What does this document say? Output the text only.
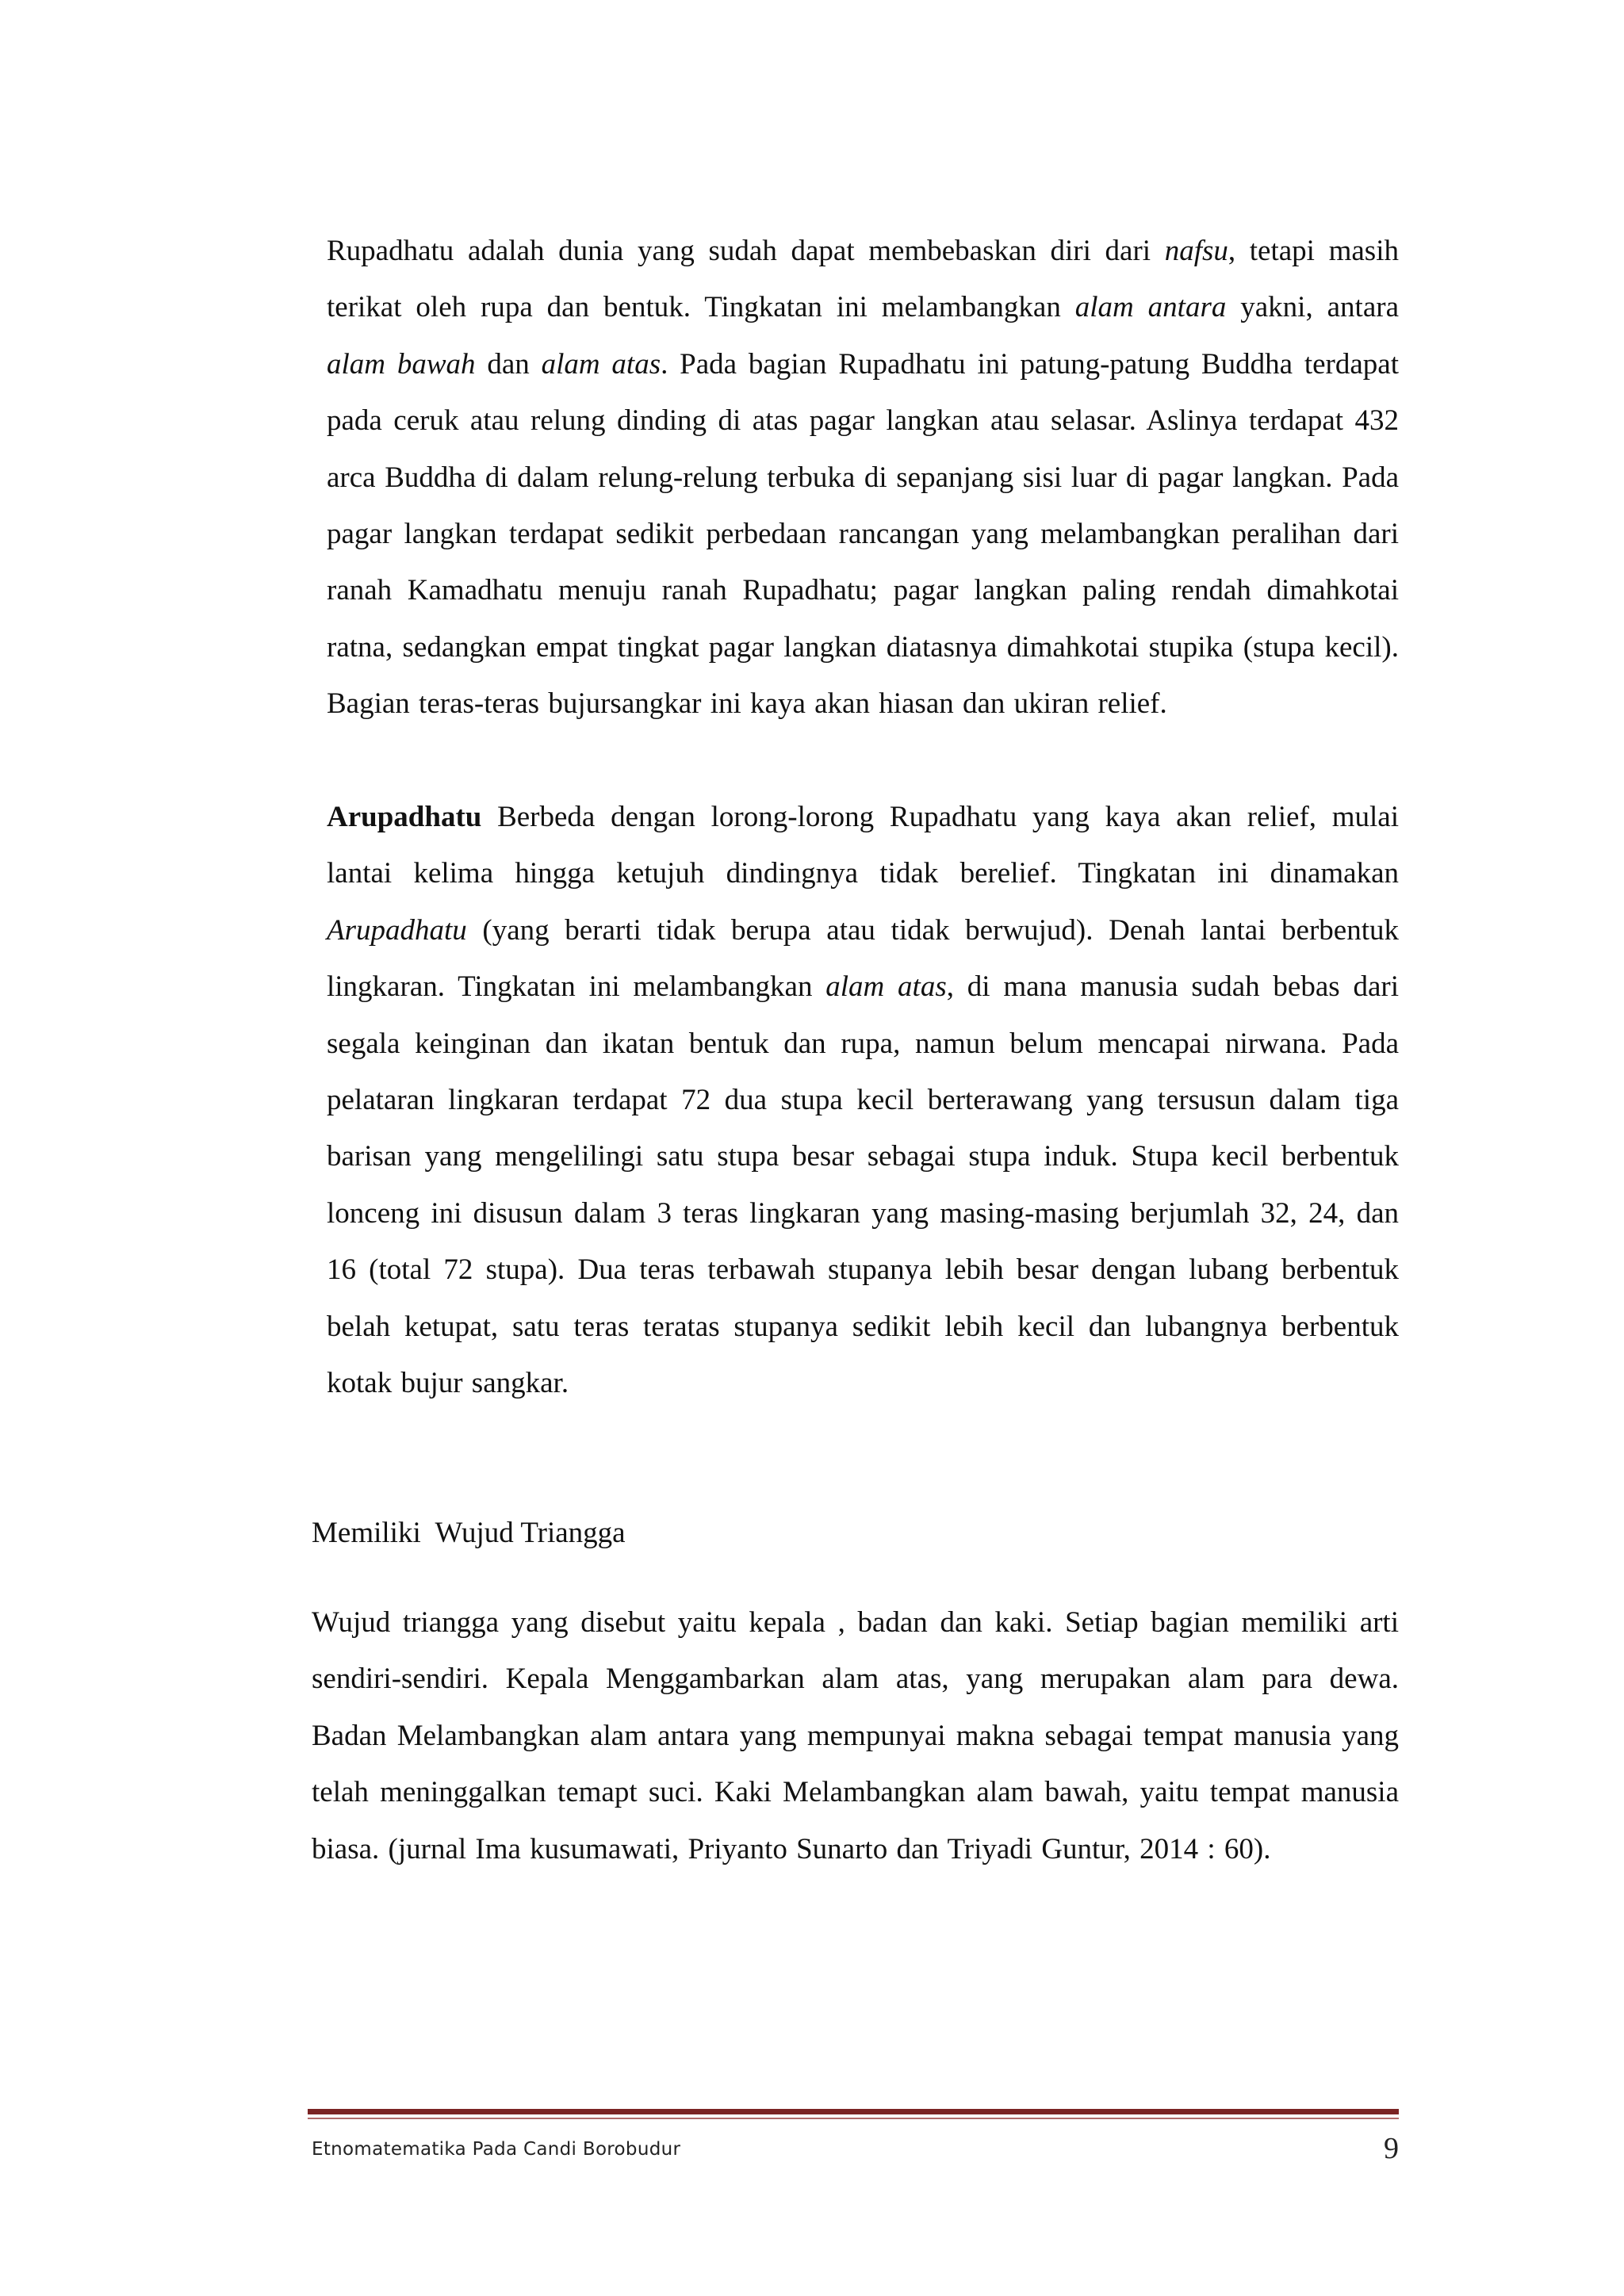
Rupadhatu adalah dunia yang sudah dapat membebaskan diri dari nafsu, tetapi masih terikat oleh rupa dan bentuk. Tingkatan ini melambangkan alam antara yakni, antara alam bawah dan alam atas. Pada bagian Rupadhatu ini patung-patung Buddha terdapat pada ceruk atau relung dinding di atas pagar langkan atau selasar. Aslinya terdapat 432 arca Buddha di dalam relung-relung terbuka di sepanjang sisi luar di pagar langkan. Pada pagar langkan terdapat sedikit perbedaan rancangan yang melambangkan peralihan dari ranah Kamadhatu menuju ranah Rupadhatu; pagar langkan paling rendah dimahkotai ratna, sedangkan empat tingkat pagar langkan diatasnya dimahkotai stupika (stupa kecil). Bagian teras-teras bujursangkar ini kaya akan hiasan dan ukiran relief.

Arupadhatu Berbeda dengan lorong-lorong Rupadhatu yang kaya akan relief, mulai lantai kelima hingga ketujuh dindingnya tidak berelief. Tingkatan ini dinamakan Arupadhatu (yang berarti tidak berupa atau tidak berwujud). Denah lantai berbentuk lingkaran. Tingkatan ini melambangkan alam atas, di mana manusia sudah bebas dari segala keinginan dan ikatan bentuk dan rupa, namun belum mencapai nirwana. Pada pelataran lingkaran terdapat 72 dua stupa kecil berterawang yang tersusun dalam tiga barisan yang mengelilingi satu stupa besar sebagai stupa induk. Stupa kecil berbentuk lonceng ini disusun dalam 3 teras lingkaran yang masing-masing berjumlah 32, 24, dan 16 (total 72 stupa). Dua teras terbawah stupanya lebih besar dengan lubang berbentuk belah ketupat, satu teras teratas stupanya sedikit lebih kecil dan lubangnya berbentuk kotak bujur sangkar.

Memiliki  Wujud Triangga

Wujud triangga yang disebut yaitu kepala , badan dan kaki. Setiap bagian memiliki arti sendiri-sendiri. Kepala Menggambarkan alam atas, yang merupakan alam para dewa. Badan Melambangkan alam antara yang mempunyai makna sebagai tempat manusia yang telah meninggalkan temapt suci. Kaki Melambangkan alam bawah, yaitu tempat manusia biasa. (jurnal Ima kusumawati, Priyanto Sunarto dan Triyadi Guntur, 2014 : 60).

Etnomatematika Pada Candi Borobudur	9
